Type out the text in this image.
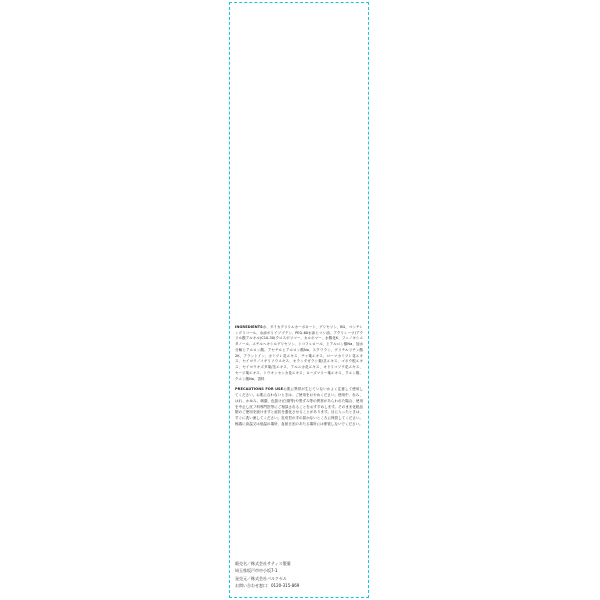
INGREDIENTS水、ダイカプリリルカーボネート、グリセリン、BG、ペンチレングリコール、水添ポリイソブテン、PEG-60水添ヒマシ油、アクリレーツ/アクリル酸アルキル(C10-30)クロスポリマー、カルボマー、水酸化K、フェノキシエタノール、エチルヘキシルグリセリン、トコフェロール、ヒアルロン酸Na、加水分解ヒアルロン酸、アセチルヒアルロン酸Na、スクワラン、グリチルリチン酸2K、アラントイン、カミツレ花エキス、チャ葉エキス、ローマカミツレ花エキス、セイヨウノコギリソウエキス、オランダガラシ葉/茎エキス、ゴボウ根エキス、セイヨウキズタ葉/茎エキス、アルニカ花エキス、オドリコソウ花エキス、セージ葉エキス、トウキンセンカ花エキス、ローズマリー葉エキス、クエン酸、クエン酸Na、香料

PRECAUTIONS FOR USEお肌に異常が生じていないかよく注意して使用してください。お肌に合わないときは、ご使用をおやめください。使用中、赤み、はれ、かゆみ、刺激、色抜け(白斑等)や黒ずみ等の異常があらわれた場合、使用を中止し皮フ科専門医等にご相談されることをおすすめします。そのまま化粧品類のご使用を続けますと症状を悪化させることがあります。目に入ったときは、すぐに洗い流してください。乳幼児の手の届かないところに保管してください。極端に高温又は低温の場所、直射日光のあたる場所には保管しないでください。

販売名／株式会社サティス製薬
埼玉県坂戸市中小坂7-1
発売元／株式会社パルクセル
お問い合わせ窓口：0120-315-869
